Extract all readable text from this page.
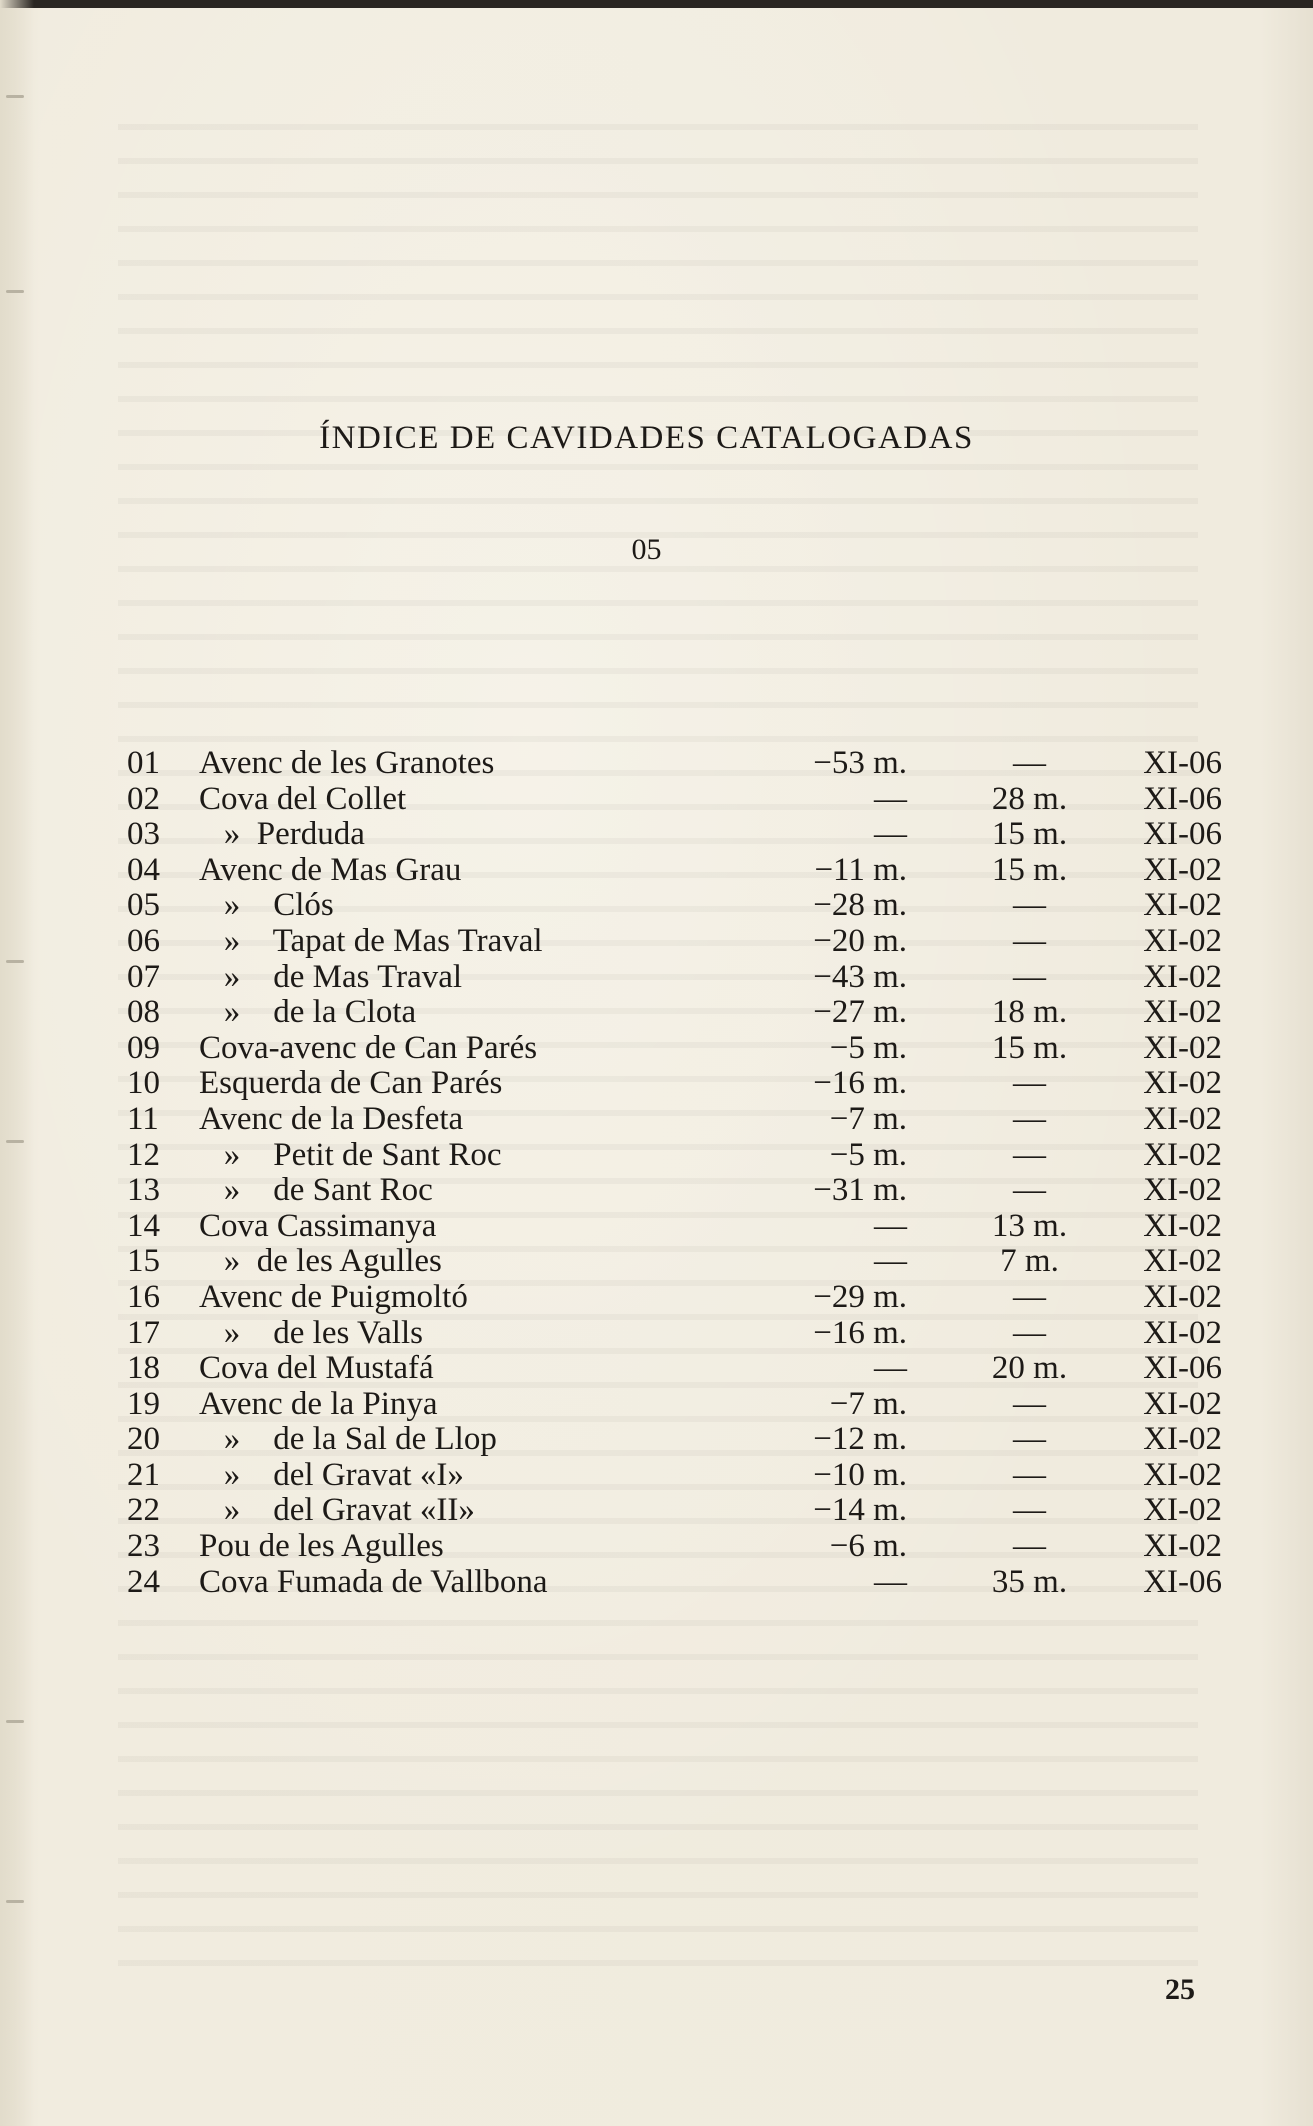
ÍNDICE DE CAVIDADES CATALOGADAS
05
01 Avenc de les Granotes	−53 m.	—	XI-06
02 Cova del Collet	—	28 m.	XI-06
03 »  Perduda	—	15 m.	XI-06
04 Avenc de Mas Grau	−11 m.	15 m.	XI-02
05 »    Clós	−28 m.	—	XI-02
06 »    Tapat de Mas Traval	−20 m.	—	XI-02
07 »    de Mas Traval	−43 m.	—	XI-02
08 »    de la Clota	−27 m.	18 m.	XI-02
09 Cova-avenc de Can Parés	−5 m.	15 m.	XI-02
10 Esquerda de Can Parés	−16 m.	—	XI-02
11 Avenc de la Desfeta	−7 m.	—	XI-02
12 »    Petit de Sant Roc	−5 m.	—	XI-02
13 »    de Sant Roc	−31 m.	—	XI-02
14 Cova Cassimanya	—	13 m.	XI-02
15 »  de les Agulles	—	7 m.	XI-02
16 Avenc de Puigmoltó	−29 m.	—	XI-02
17 »    de les Valls	−16 m.	—	XI-02
18 Cova del Mustafá	—	20 m.	XI-06
19 Avenc de la Pinya	−7 m.	—	XI-02
20 »    de la Sal de Llop	−12 m.	—	XI-02
21 »    del Gravat «I»	−10 m.	—	XI-02
22 »    del Gravat «II»	−14 m.	—	XI-02
23 Pou de les Agulles	−6 m.	—	XI-02
24 Cova Fumada de Vallbona	—	35 m.	XI-06
25
